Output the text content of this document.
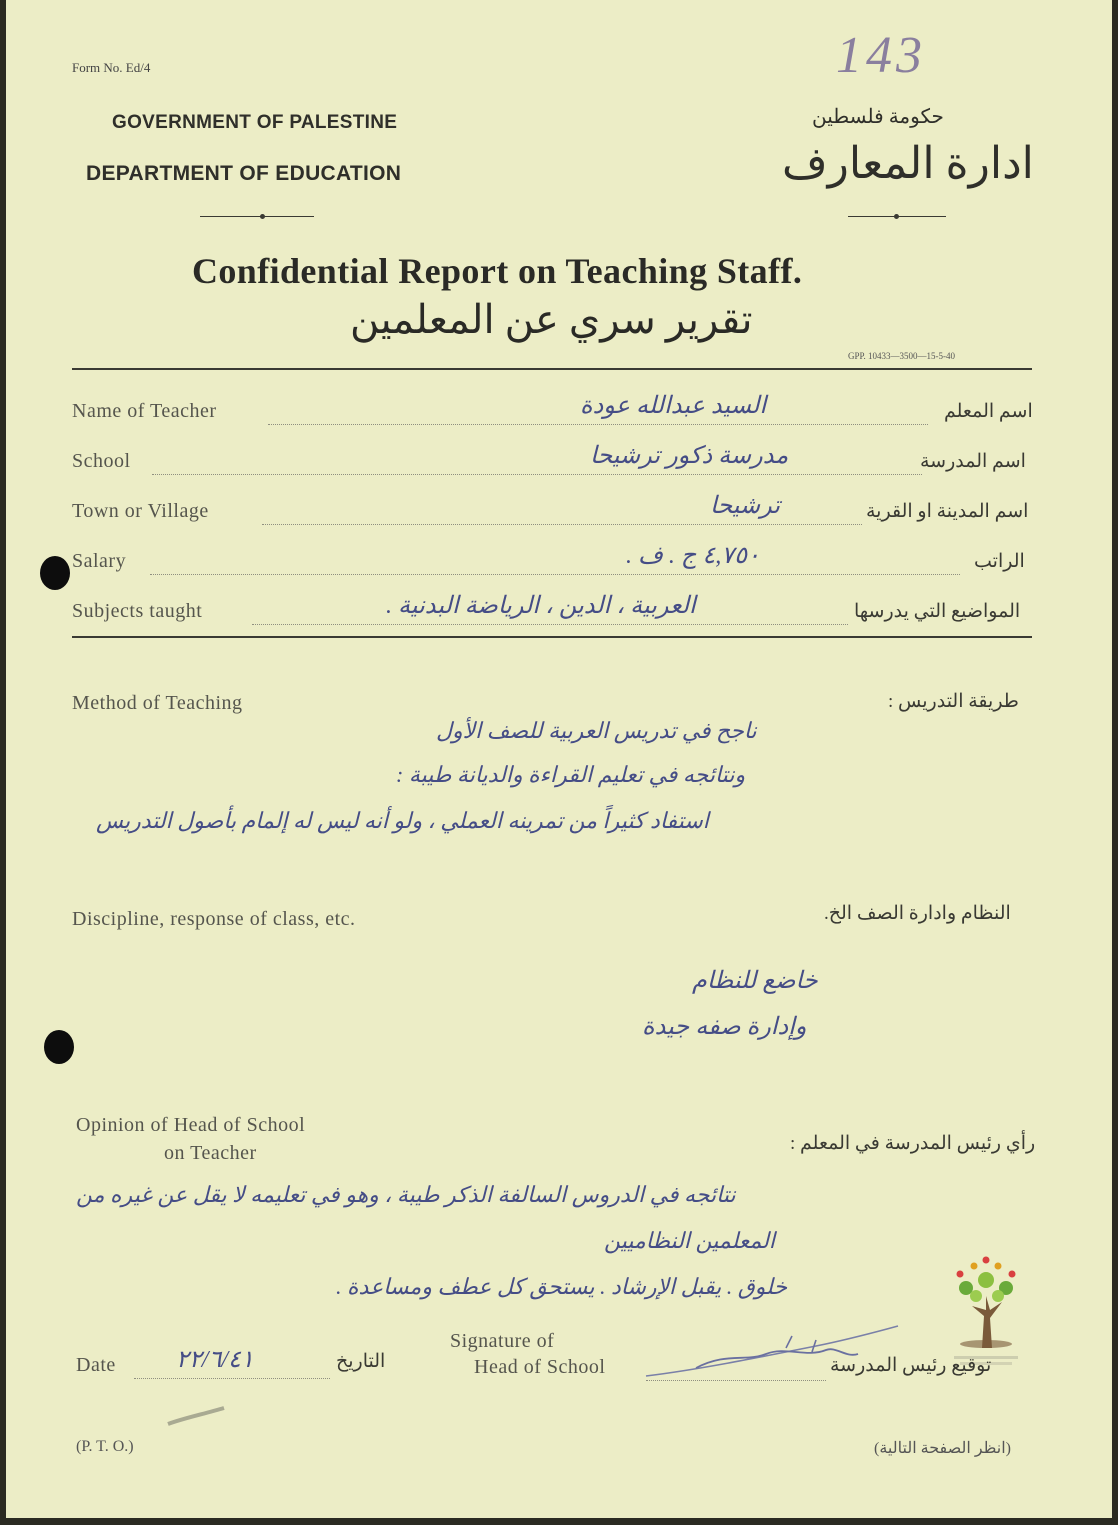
Form No. Ed/4	143
GOVERNMENT OF PALESTINE
DEPARTMENT OF EDUCATION
حكومة فلسطين
ادارة المعارف
Confidential Report on Teaching Staff.
تقرير سري عن المعلمين
GPP. 10433—3500—15-5-40
Name of Teacher	السيد عبدالله عودة	اسم المعلم
School	مدرسة ذكور ترشيحا	اسم المدرسة
Town or Village	ترشيحا	اسم المدينة او القرية
Salary	٤,٧٥٠ ج . ف .	الراتب
Subjects taught	العربية ، الدين ، الرياضة البدنية .	المواضيع التي يدرسها
Method of Teaching	طريقة التدريس :
ناجح في تدريس العربية للصف الأول
ونتائجه في تعليم القراءة والديانة طيبة :
استفاد كثيراً من تمرينه العملي ، ولو أنه ليس له إلمام بأصول التدريس
Discipline, response of class, etc.	النظام وادارة الصف الخ.
خاضع للنظام
وإدارة صفه جيدة
Opinion of Head of School
on Teacher	رأي رئيس المدرسة في المعلم :
نتائجه في الدروس السالفة الذكر طيبة ، وهو في تعليمه لا يقل عن غيره من
المعلمين النظاميين
خلوق . يقبل الإرشاد . يستحق كل عطف ومساعدة .
Date	٢٢/٦/٤١	التاريخ
Signature of
Head of School	توقيع رئيس المدرسة
(P. T. O.)	(انظر الصفحة التالية)
